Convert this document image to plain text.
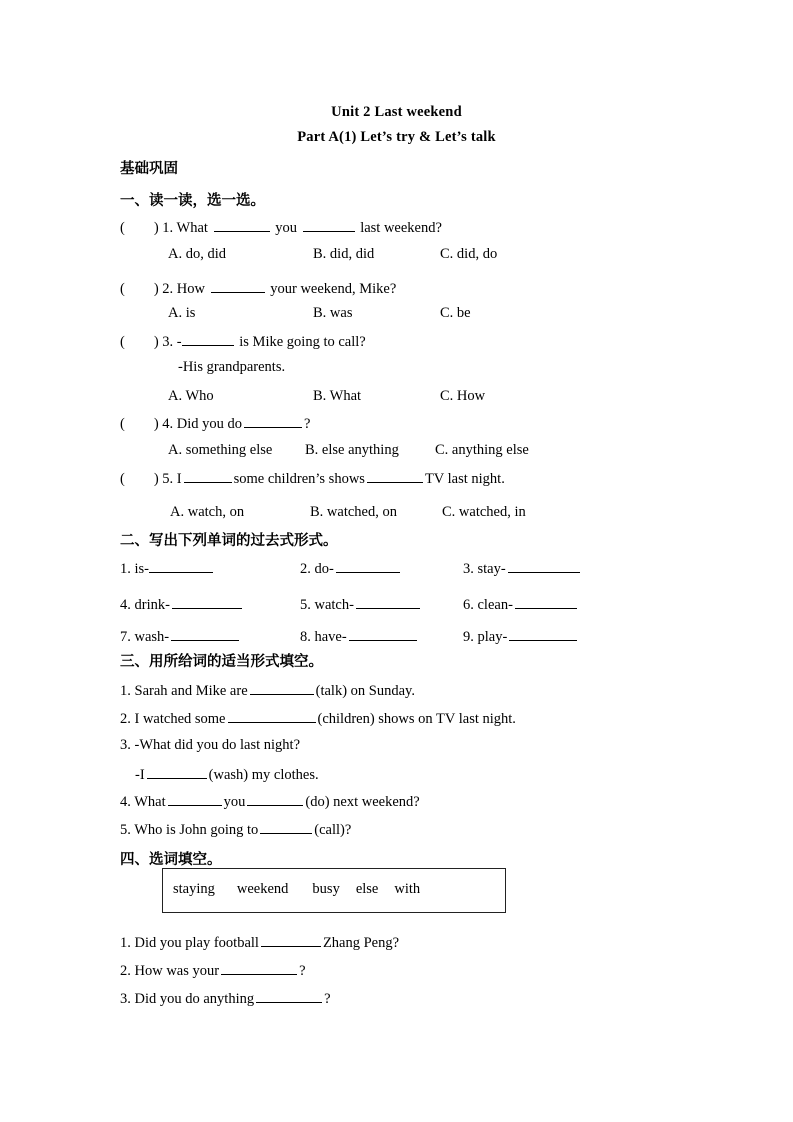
Unit 2 Last weekend
Part A(1) Let’s try & Let’s talk
基础巩固
一、读一读，选一选。
(　　) 1. What	you	last weekend?
A. do, did	B. did, did	C. did, do
(　　) 2. How	your weekend, Mike?
A. is	B. was	C. be
(　　) 3. -	is Mike going to call?
-His grandparents.
A. Who	B. What	C. How
(　　) 4. Did you do	?
A. something else B. else anything C. anything else
(　　) 5. I	some children’s shows	TV last night.
A. watch, on	B. watched, on	C. watched, in
二、写出下列单词的过去式形式。
1. is-	2. do-	3. stay-
4. drink-	5. watch-	6. clean-
7. wash-	8. have-	9. play-
三、用所给词的适当形式填空。
1. Sarah and Mike are	(talk) on Sunday.
2. I watched some	(children) shows on TV last night.
3. -What did you do last night?
-I	(wash) my clothes.
4. What	you	(do) next weekend?
5. Who is John going to	(call)?
四、选词填空。
staying weekend busy else with
1. Did you play football	Zhang Peng?
2. How was your	?
3. Did you do anything	?
